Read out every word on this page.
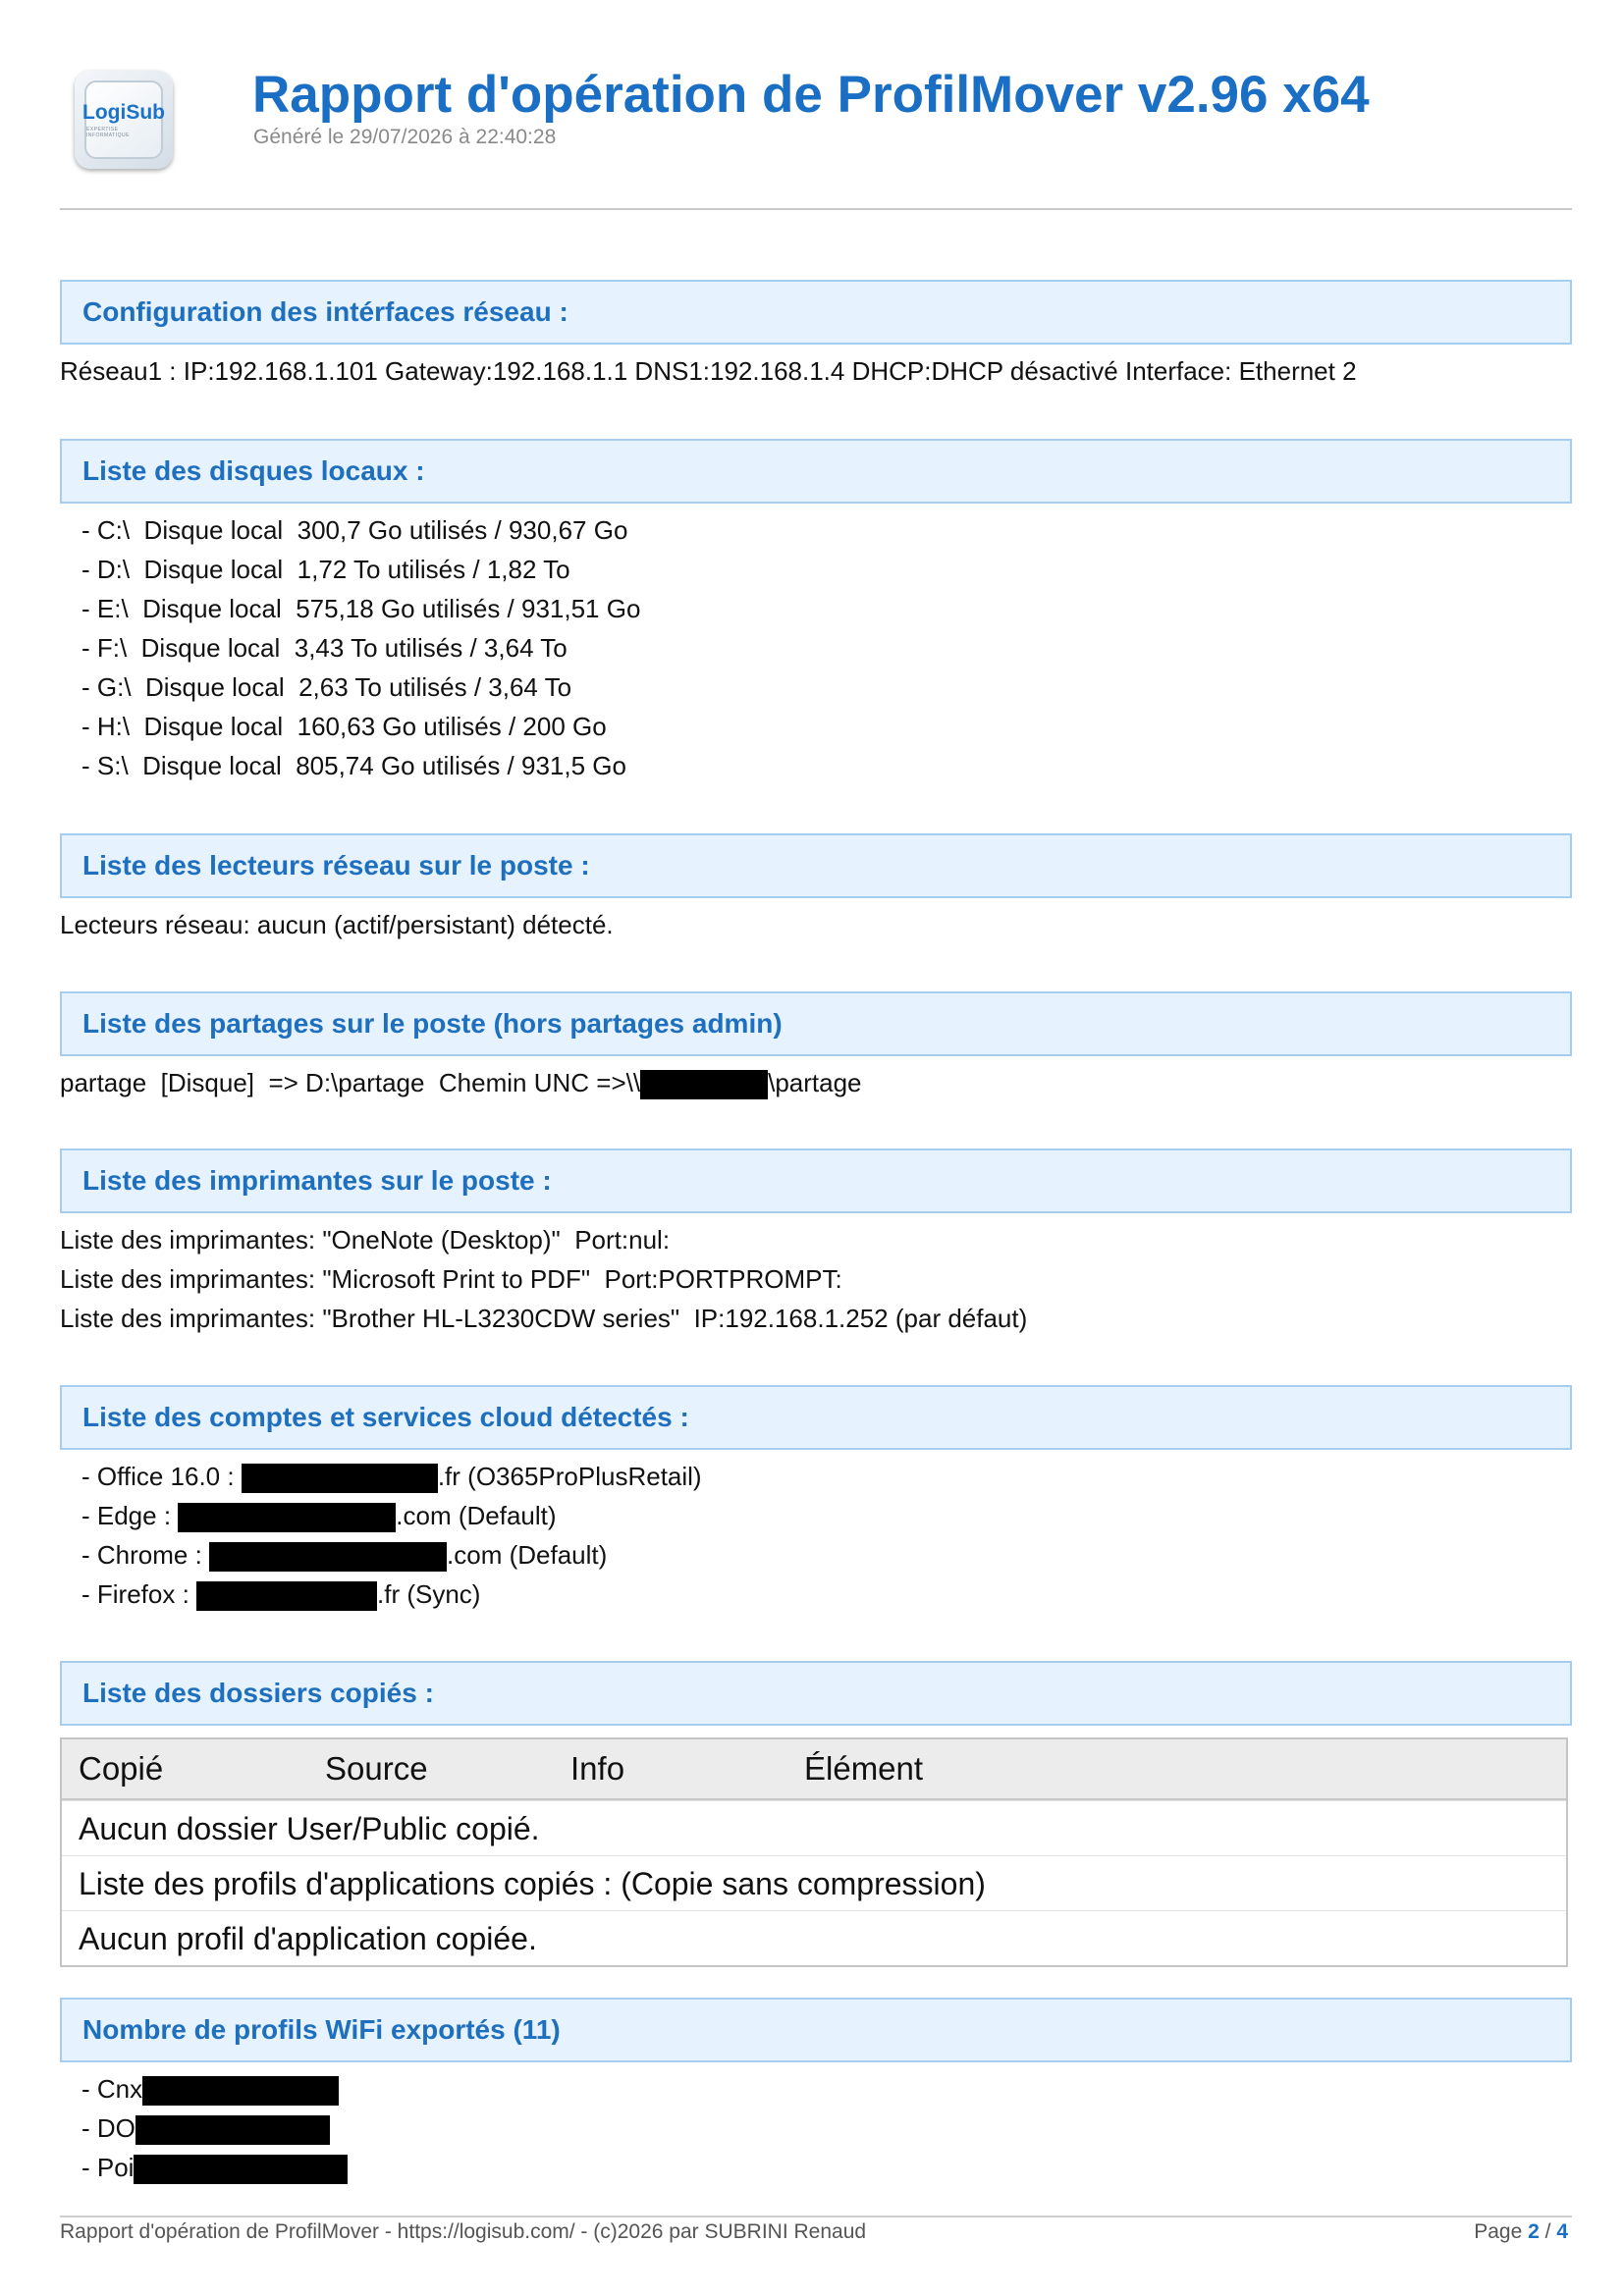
LogiSub
EXPERTISE INFORMATIQUE
Rapport d'opération de ProfilMover v2.96 x64
Généré le 29/07/2026 à 22:40:28
Configuration des intérfaces réseau :
Réseau1 : IP:192.168.1.101 Gateway:192.168.1.1 DNS1:192.168.1.4 DHCP:DHCP désactivé Interface: Ethernet 2
Liste des disques locaux :
- C:\  Disque local  300,7 Go utilisés / 930,67 Go
- D:\  Disque local  1,72 To utilisés / 1,82 To
- E:\  Disque local  575,18 Go utilisés / 931,51 Go
- F:\  Disque local  3,43 To utilisés / 3,64 To
- G:\  Disque local  2,63 To utilisés / 3,64 To
- H:\  Disque local  160,63 Go utilisés / 200 Go
- S:\  Disque local  805,74 Go utilisés / 931,5 Go
Liste des lecteurs réseau sur le poste :
Lecteurs réseau: aucun (actif/persistant) détecté.
Liste des partages sur le poste (hors partages admin)
partage  [Disque]  => D:\partage  Chemin UNC =>\\	\partage
Liste des imprimantes sur le poste :
Liste des imprimantes: "OneNote (Desktop)"  Port:nul:
Liste des imprimantes: "Microsoft Print to PDF"  Port:PORTPROMPT:
Liste des imprimantes: "Brother HL-L3230CDW series"  IP:192.168.1.252 (par défaut)
Liste des comptes et services cloud détectés :
- Office 16.0 :	.fr (O365ProPlusRetail)
- Edge :	.com (Default)
- Chrome :	.com (Default)
- Firefox :	.fr (Sync)
Liste des dossiers copiés :
Copié	Source	Info	Élément
Aucun dossier User/Public copié.
Liste des profils d'applications copiés : (Copie sans compression)
Aucun profil d'application copiée.
Nombre de profils WiFi exportés (11)
- Cnx
- DO
- Poi
Rapport d'opération de ProfilMover - https://logisub.com/ - (c)2026 par SUBRINI Renaud	Page 2 / 4
